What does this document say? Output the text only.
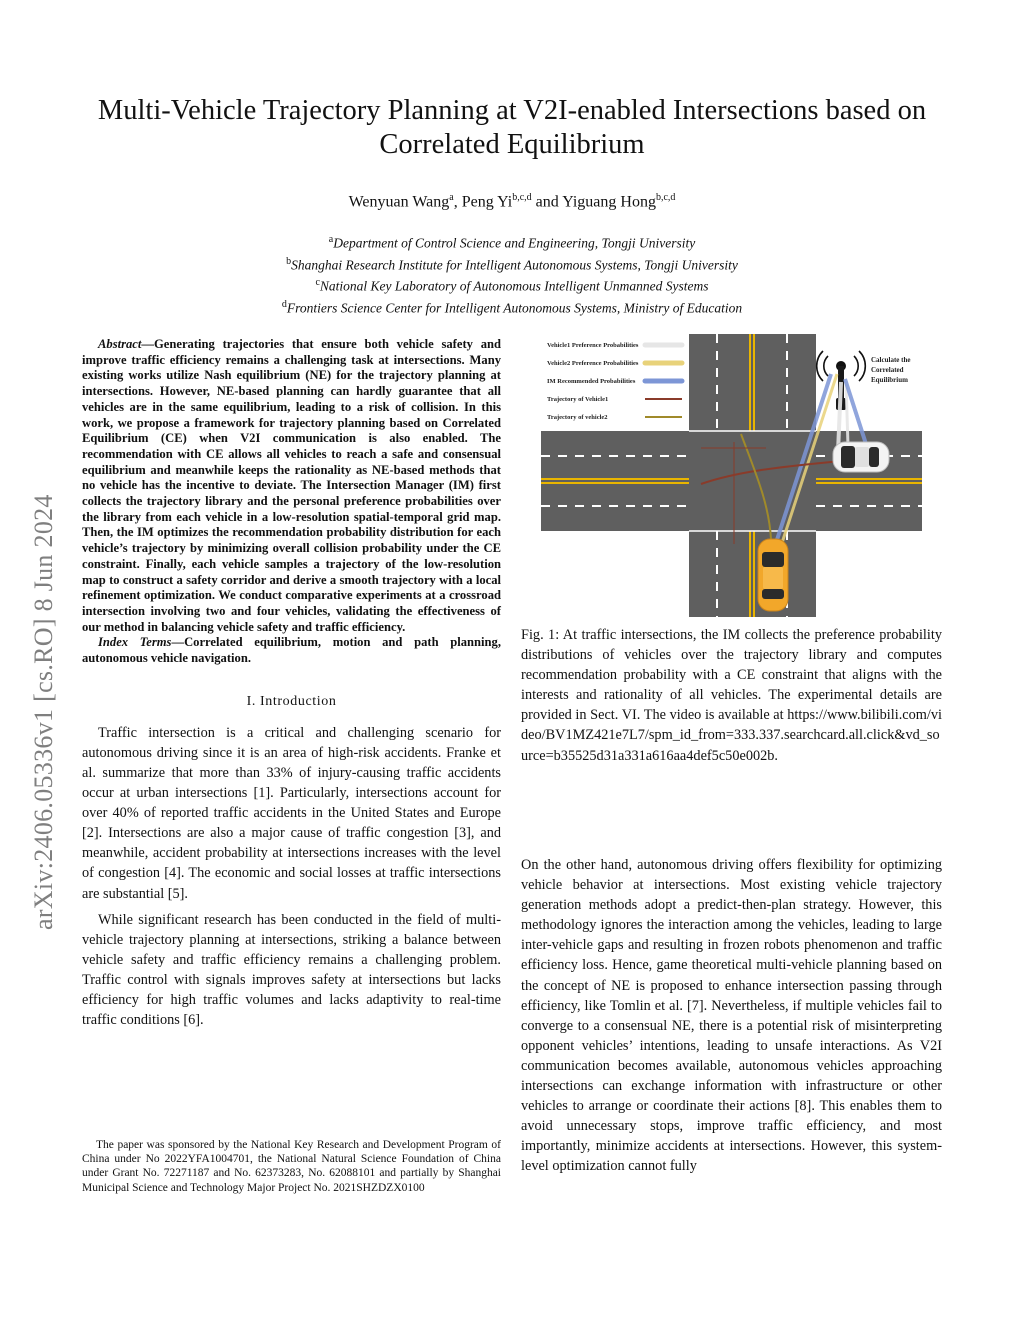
arXiv:2406.05336v1 [cs.RO] 8 Jun 2024
Multi-Vehicle Trajectory Planning at V2I-enabled Intersections based on Correlated Equilibrium
Wenyuan Wang$^a$, Peng Yi$^{b,c,d}$ and Yiguang Hong$^{b,c,d}$
$^a$Department of Control Science and Engineering, Tongji University
$^b$Shanghai Research Institute for Intelligent Autonomous Systems, Tongji University
$^c$National Key Laboratory of Autonomous Intelligent Unmanned Systems
$^d$Frontiers Science Center for Intelligent Autonomous Systems, Ministry of Education

Abstract—Generating trajectories that ensure both vehicle safety and improve traffic efficiency remains a challenging task at intersections. Many existing works utilize Nash equilibrium (NE) for the trajectory planning at intersections. However, NE-based planning can hardly guarantee that all vehicles are in the same equilibrium, leading to a risk of collision. In this work, we propose a framework for trajectory planning based on Correlated Equilibrium (CE) when V2I communication is also enabled. The recommendation with CE allows all vehicles to reach a safe and consensual equilibrium and meanwhile keeps the rationality as NE-based methods that no vehicle has the incentive to deviate. The Intersection Manager (IM) first collects the trajectory library and the personal preference probabilities over the library from each vehicle in a low-resolution spatial-temporal grid map. Then, the IM optimizes the recommendation probability distribution for each vehicle’s trajectory by minimizing overall collision probability under the CE constraint. Finally, each vehicle samples a trajectory of the low-resolution map to construct a safety corridor and derive a smooth trajectory with a local refinement optimization. We conduct comparative experiments at a crossroad intersection involving two and four vehicles, validating the effectiveness of our method in balancing vehicle safety and traffic efficiency.

Index Terms—Correlated equilibrium, motion and path planning, autonomous vehicle navigation.

I. Introduction

Traffic intersection is a critical and challenging scenario for autonomous driving since it is an area of high-risk accidents. Franke et al. summarize that more than 33% of injury-causing traffic accidents occur at urban intersections [1]. Particularly, intersections account for over 40% of reported traffic accidents in the United States and Europe [2]. Intersections are also a major cause of traffic congestion [3], and meanwhile, accident probability at intersections increases with the level of congestion [4]. The economic and social losses at traffic intersections are substantial [5].

While significant research has been conducted in the field of multi-vehicle trajectory planning at intersections, striking a balance between vehicle safety and traffic efficiency remains a challenging problem. Traffic control with signals improves safety at intersections but lacks efficiency for high traffic volumes and lacks adaptivity to real-time traffic conditions [6].

The paper was sponsored by the National Key Research and Development Program of China under No 2022YFA1004701, the National Natural Science Foundation of China under Grant No. 72271187 and No. 62373283, No. 62088101 and partially by Shanghai Municipal Science and Technology Major Project No. 2021SHZDZX0100
Vehicle1 Preference Probabilities
Vehicle2 Preference Probabilities
IM Recommended Probabilities
Trajectory of Vehicle1
Trajectory of vehicle2
Calculate the
Correlated
Equilibrium
Fig. 1: At traffic intersections, the IM collects the preference probability distributions of vehicles over the trajectory library and computes recommendation probability with a CE constraint that aligns with the interests and rationality of all vehicles. The experimental details are provided in Sect. VI. The video is available at https://www.bilibili.com/video/BV1MZ421e7L7/spm_id_from=333.337.searchcard.all.click&vd_source=b35525d31a331a616aa4def5c50e002b.

On the other hand, autonomous driving offers flexibility for optimizing vehicle behavior at intersections. Most existing vehicle trajectory generation methods adopt a predict-then-plan strategy. However, this methodology ignores the interaction among the vehicles, leading to large inter-vehicle gaps and resulting in frozen robots phenomenon and traffic efficiency loss. Hence, game theoretical multi-vehicle planning based on the concept of NE is proposed to enhance intersection passing through efficiency, like Tomlin et al. [7]. Nevertheless, if multiple vehicles fail to converge to a consensual NE, there is a potential risk of misinterpreting opponent vehicles’ intentions, leading to unsafe interactions. As V2I communication becomes available, autonomous vehicles approaching intersections can exchange information with infrastructure or other vehicles to arrange or coordinate their actions [8]. This enables them to avoid unnecessary stops, improve traffic efficiency, and most importantly, minimize accidents at intersections. However, this system-level optimization cannot fully
